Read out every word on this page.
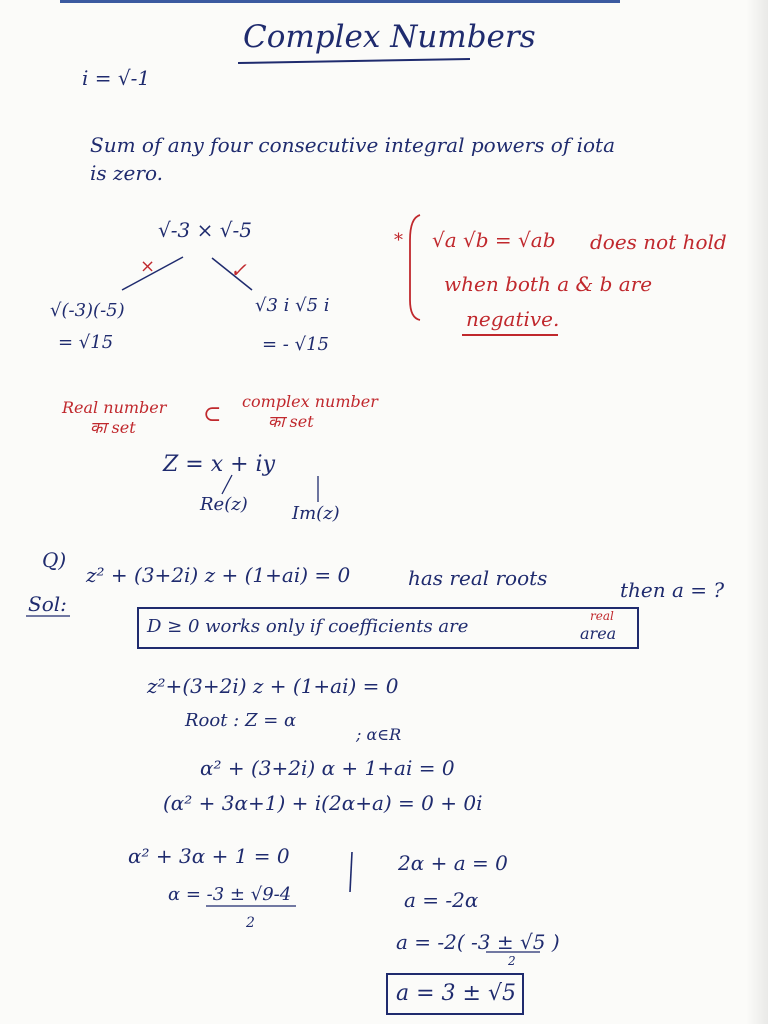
Complex Numbers
i = √-1
Sum of any four consecutive integral powers of iota
is zero.
√-3 × √-5
×	✓
√(-3)(-5)
= √15
√3 i √5 i
= - √15
* √a √b = √ab does not hold
when both a & b are
negative.
Real number
का set
⊂
complex number
का set
Z = x + iy
Re(z) Im(z)
Q)
z² + (3+2i) z + (1+ai) = 0	has real roots	then a = ?
Sol:
D ≥ 0 works only if coefficients are	real
area
z²+(3+2i) z + (1+ai) = 0
Root : Z = α
; α∈R
α² + (3+2i) α + 1+ai = 0
(α² + 3α+1) + i(2α+a) = 0 + 0i
α² + 3α + 1 = 0
α = -3 ± √9-4
2
2α + a = 0
a = -2α
a = -2( -3 ± √5 )
2
a = 3 ± √5
